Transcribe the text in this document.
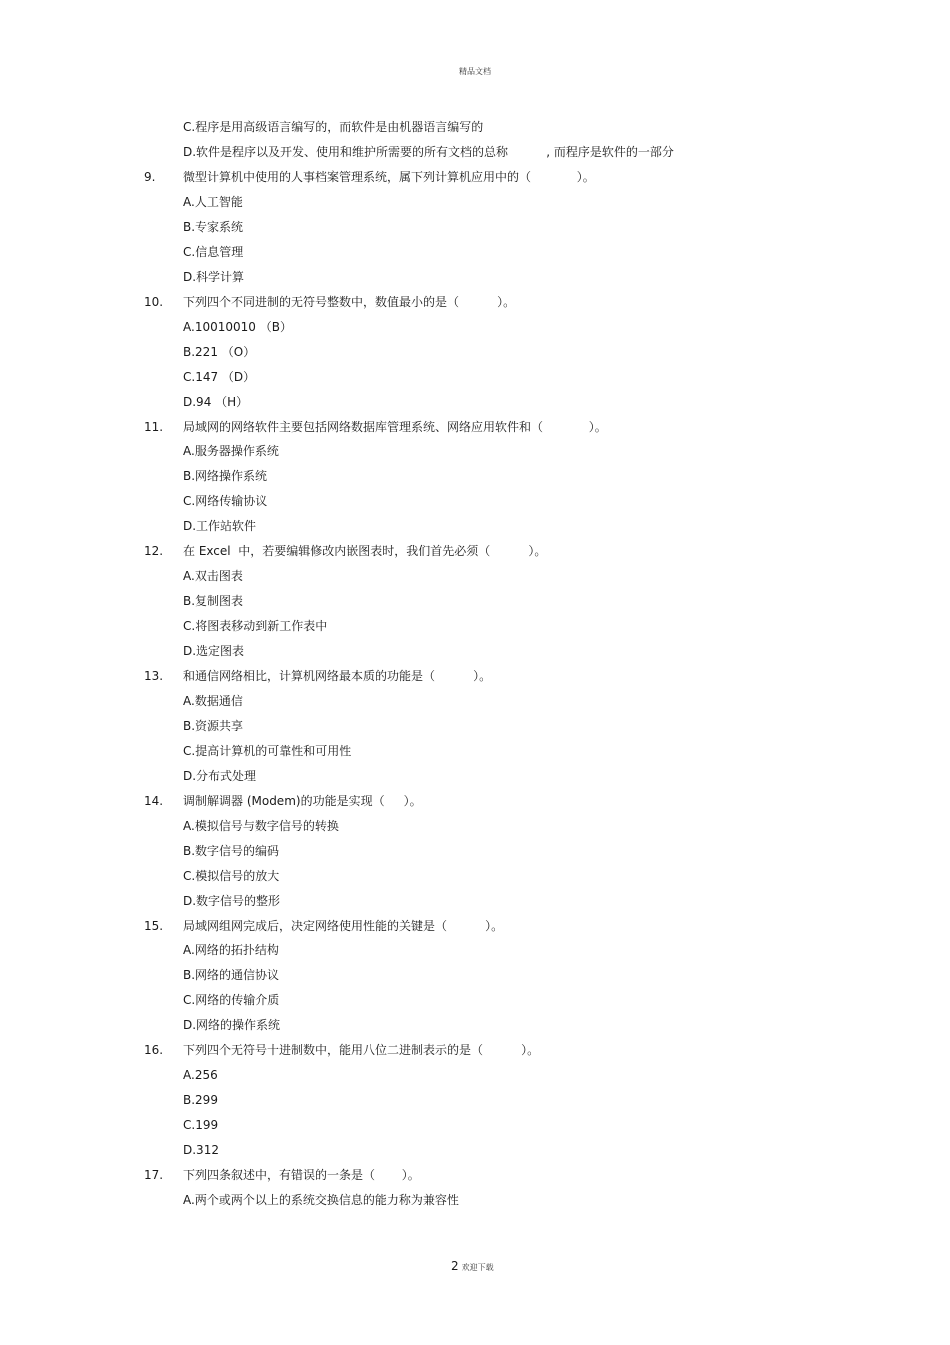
精品文档
C.程序是用高级语言编写的，而软件是由机器语言编写的
D.软件是程序以及开发、使用和维护所需要的所有文档的总称          , 而程序是软件的一部分
9. 微型计算机中使用的人事档案管理系统，属下列计算机应用中的（            ）。
A.人工智能
B.专家系统
C.信息管理
D.科学计算
10. 下列四个不同进制的无符号整数中，数值最小的是（          ）。
A.10010010 （B）
B.221 （O）
C.147 （D）
D.94 （H）
11. 局域网的网络软件主要包括网络数据库管理系统、网络应用软件和（            ）。
A.服务器操作系统
B.网络操作系统
C.网络传输协议
D.工作站软件
12. 在 Excel  中，若要编辑修改内嵌图表时，我们首先必须（          ）。
A.双击图表
B.复制图表
C.将图表移动到新工作表中
D.选定图表
13. 和通信网络相比，计算机网络最本质的功能是（          ）。
A.数据通信
B.资源共享
C.提高计算机的可靠性和可用性
D.分布式处理
14. 调制解调器 (Modem)的功能是实现（     ）。
A.模拟信号与数字信号的转换
B.数字信号的编码
C.模拟信号的放大
D.数字信号的整形
15. 局域网组网完成后，决定网络使用性能的关键是（          ）。
A.网络的拓扑结构
B.网络的通信协议
C.网络的传输介质
D.网络的操作系统
16. 下列四个无符号十进制数中，能用八位二进制表示的是（          ）。
A.256
B.299
C.199
D.312
17. 下列四条叙述中，有错误的一条是（       ）。
A.两个或两个以上的系统交换信息的能力称为兼容性
2 欢迎下载
